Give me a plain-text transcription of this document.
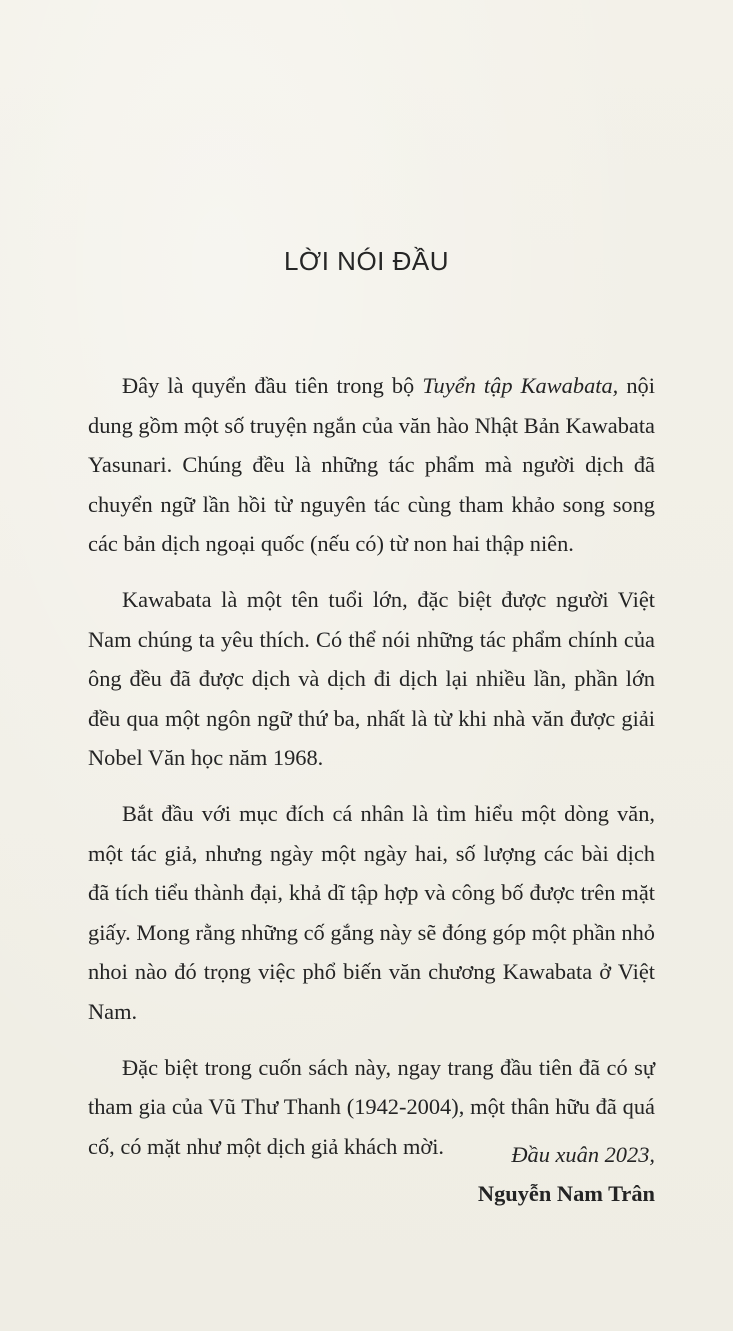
LỜI NÓI ĐẦU

Đây là quyển đầu tiên trong bộ Tuyển tập Kawabata, nội dung gồm một số truyện ngắn của văn hào Nhật Bản Kawabata Yasunari. Chúng đều là những tác phẩm mà người dịch đã chuyển ngữ lần hồi từ nguyên tác cùng tham khảo song song các bản dịch ngoại quốc (nếu có) từ non hai thập niên.

Kawabata là một tên tuổi lớn, đặc biệt được người Việt Nam chúng ta yêu thích. Có thể nói những tác phẩm chính của ông đều đã được dịch và dịch đi dịch lại nhiều lần, phần lớn đều qua một ngôn ngữ thứ ba, nhất là từ khi nhà văn được giải Nobel Văn học năm 1968.

Bắt đầu với mục đích cá nhân là tìm hiểu một dòng văn, một tác giả, nhưng ngày một ngày hai, số lượng các bài dịch đã tích tiểu thành đại, khả dĩ tập hợp và công bố được trên mặt giấy. Mong rằng những cố gắng này sẽ đóng góp một phần nhỏ nhoi nào đó trọng việc phổ biến văn chương Kawabata ở Việt Nam.

Đặc biệt trong cuốn sách này, ngay trang đầu tiên đã có sự tham gia của Vũ Thư Thanh (1942-2004), một thân hữu đã quá cố, có mặt như một dịch giả khách mời.	Đầu xuân 2023,
Nguyễn Nam Trân
